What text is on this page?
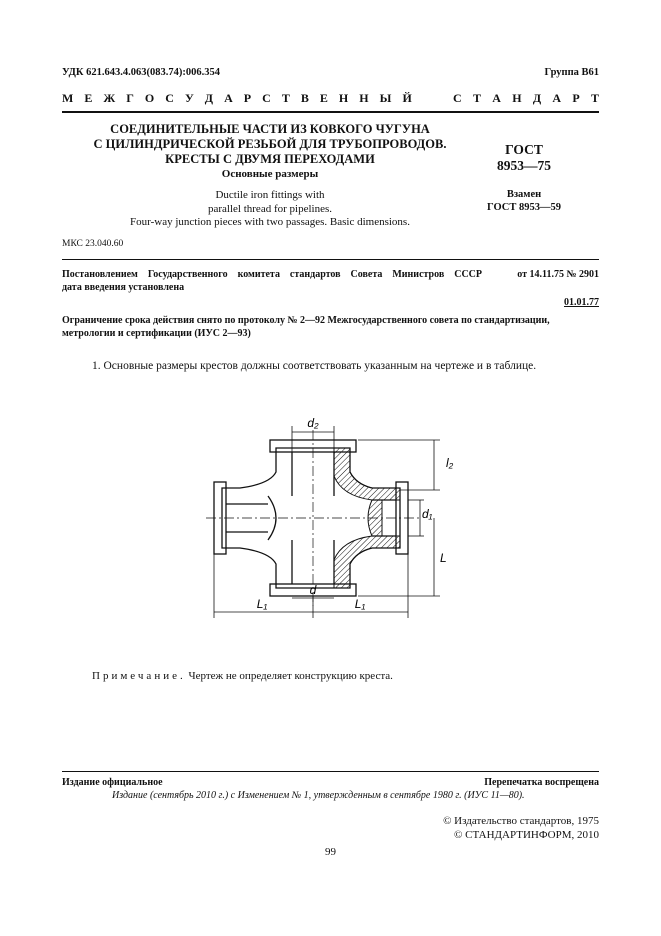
УДК 621.643.4.063(083.74):006.354	Группа В61
М Е Ж Г О С У Д А Р С Т В Е Н Н Ы Й	С Т А Н Д А Р Т
СОЕДИНИТЕЛЬНЫЕ ЧАСТИ ИЗ КОВКОГО ЧУГУНА
С ЦИЛИНДРИЧЕСКОЙ РЕЗЬБОЙ ДЛЯ ТРУБОПРОВОДОВ.
КРЕСТЫ С ДВУМЯ ПЕРЕХОДАМИ
Основные размеры
Ductile iron fittings with
parallel thread for pipelines.
Four-way junction pieces with two passages. Basic dimensions.
ГОСТ
8953—75
Взамен
ГОСТ 8953—59
МКС 23.040.60
Постановлением Государственного комитета стандартов Совета Министров СССР	от 14.11.75 № 2901
дата введения установлена
01.01.77
Ограничение срока действия снято по протоколу № 2—92 Межгосударственного совета по стандартизации, метрологии и сертификации (ИУС 2—93)
1. Основные размеры крестов должны соответствовать указанным на чертеже и в таблице.
d₂
l₂
d₁
L
d
L₁	L₁
Примечание. Чертеж не определяет конструкцию креста.
Издание официальное	Перепечатка воспрещена
Издание (сентябрь 2010 г.) с Изменением № 1, утвержденным в сентябре 1980 г. (ИУС 11—80).
© Издательство стандартов, 1975
© СТАНДАРТИНФОРМ, 2010
99
